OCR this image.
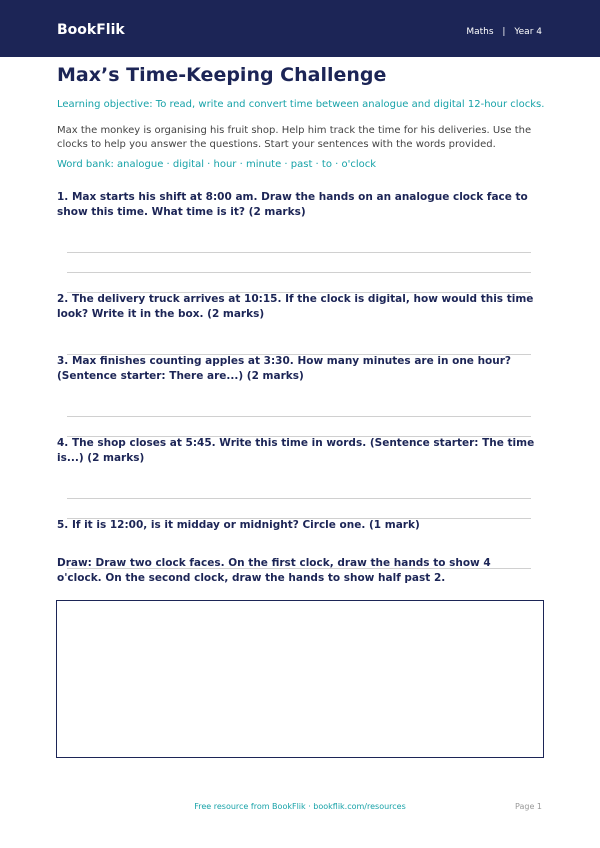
BookFlik	Maths | Year 4
Max’s Time-Keeping Challenge
Learning objective: To read, write and convert time between analogue and digital 12-hour clocks.
Max the monkey is organising his fruit shop. Help him track the time for his deliveries. Use the clocks to help you answer the questions. Start your sentences with the words provided.
Word bank: analogue · digital · hour · minute · past · to · o'clock
1. Max starts his shift at 8:00 am. Draw the hands on an analogue clock face to show this time. What time is it? (2 marks)
2. The delivery truck arrives at 10:15. If the clock is digital, how would this time look? Write it in the box. (2 marks)
3. Max finishes counting apples at 3:30. How many minutes are in one hour? (Sentence starter: There are...) (2 marks)
4. The shop closes at 5:45. Write this time in words. (Sentence starter: The time is...) (2 marks)
5. If it is 12:00, is it midday or midnight? Circle one. (1 mark)
Draw: Draw two clock faces. On the first clock, draw the hands to show 4 o'clock. On the second clock, draw the hands to show half past 2.
Free resource from BookFlik · bookflik.com/resources	Page 1
